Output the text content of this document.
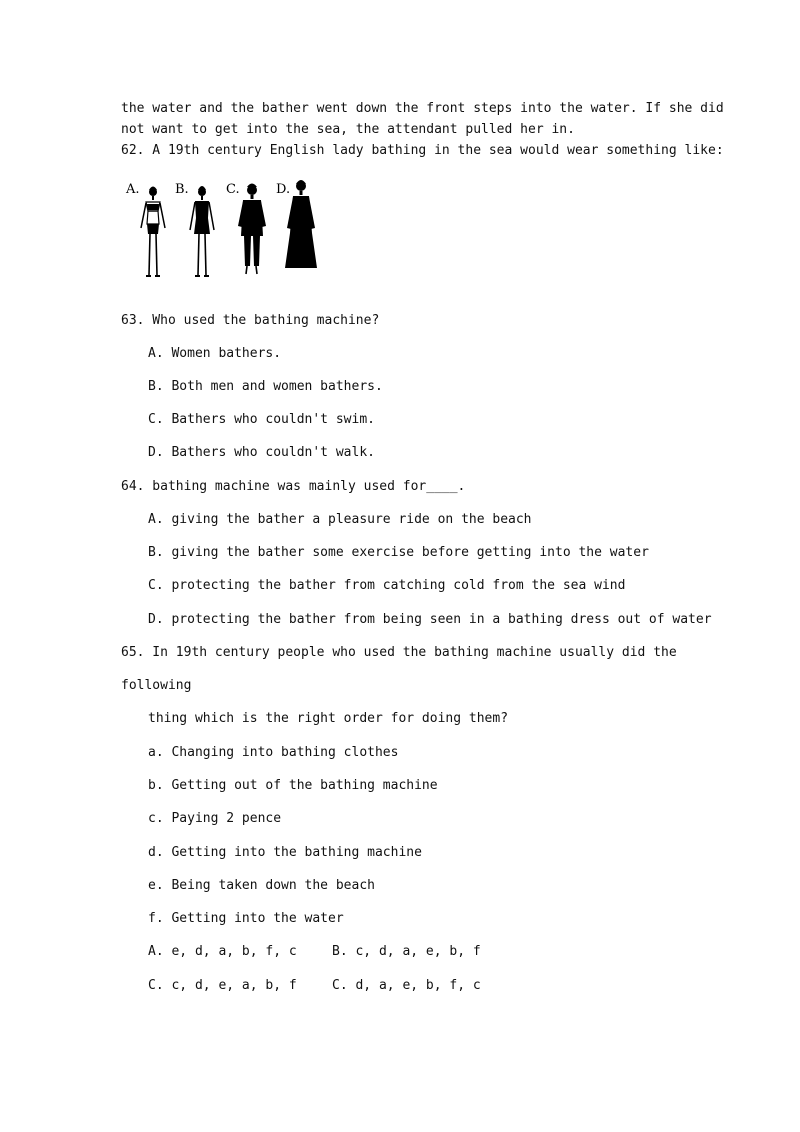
the water and the bather went down the front steps into the water. If she did
not want to get into the sea, the attendant pulled her in.
62. A 19th century English lady bathing in the sea would wear something like:
A.	B.	C.	D.
63. Who used the bathing machine?
A. Women bathers.
B. Both men and women bathers.
C. Bathers who couldn't swim.
D. Bathers who couldn't walk.
64. bathing machine was mainly used for____.
A. giving the bather a pleasure ride on the beach
B. giving the bather some exercise before getting into the water
C. protecting the bather from catching cold from the sea wind
D. protecting the bather from being seen in a bathing dress out of water
65. In 19th century people who used the bathing machine usually did the
following
thing which is the right order for doing them?
a. Changing into bathing clothes
b. Getting out of the bathing machine
c. Paying 2 pence
d. Getting into the bathing machine
e. Being taken down the beach
f. Getting into the water
A. e, d, a, b, f, c	B. c, d, a, e, b, f
C. c, d, e, a, b, f	C. d, a, e, b, f, c
